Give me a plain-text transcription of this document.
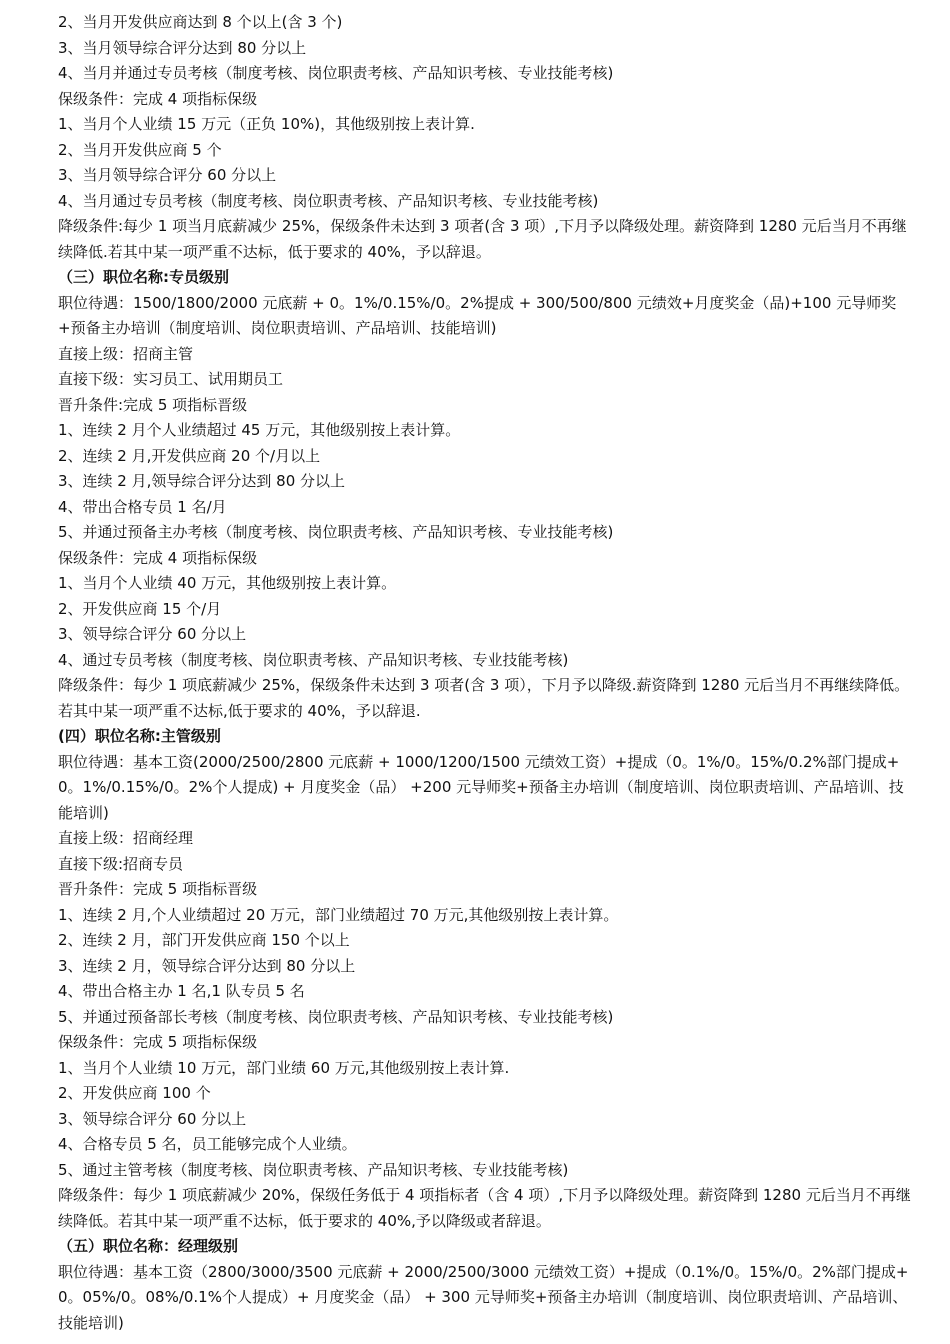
2、当月开发供应商达到 8 个以上(含 3 个)

3、当月领导综合评分达到 80 分以上

4、当月并通过专员考核（制度考核、岗位职责考核、产品知识考核、专业技能考核)

保级条件：完成 4 项指标保级

1、当月个人业绩 15 万元（正负 10%)，其他级别按上表计算.

2、当月开发供应商 5 个

3、当月领导综合评分 60 分以上

4、当月通过专员考核（制度考核、岗位职责考核、产品知识考核、专业技能考核)

降级条件:每少 1 项当月底薪减少 25%，保级条件未达到 3 项者(含 3 项）,下月予以降级处理。薪资降到 1280 元后当月不再继续降低.若其中某一项严重不达标，低于要求的 40%，予以辞退。

（三）职位名称:专员级别

职位待遇：1500/1800/2000 元底薪 + 0。1%/0.15%/0。2%提成 + 300/500/800 元绩效+月度奖金（品)+100 元导师奖+预备主办培训（制度培训、岗位职责培训、产品培训、技能培训)

直接上级：招商主管

直接下级：实习员工、试用期员工

晋升条件:完成 5 项指标晋级

1、连续 2 月个人业绩超过 45 万元，其他级别按上表计算。

2、连续 2 月,开发供应商 20 个/月以上

3、连续 2 月,领导综合评分达到 80 分以上

4、带出合格专员 1 名/月

5、并通过预备主办考核（制度考核、岗位职责考核、产品知识考核、专业技能考核)

保级条件：完成 4 项指标保级

1、当月个人业绩 40 万元，其他级别按上表计算。

2、开发供应商 15 个/月

3、领导综合评分 60 分以上

4、通过专员考核（制度考核、岗位职责考核、产品知识考核、专业技能考核)

降级条件：每少 1 项底薪减少 25%，保级条件未达到 3 项者(含 3 项），下月予以降级.薪资降到 1280 元后当月不再继续降低。若其中某一项严重不达标,低于要求的 40%，予以辞退.

(四）职位名称:主管级别

职位待遇：基本工资(2000/2500/2800 元底薪 + 1000/1200/1500 元绩效工资）+提成（0。1%/0。15%/0.2%部门提成+0。1%/0.15%/0。2%个人提成) + 月度奖金（品） +200 元导师奖+预备主办培训（制度培训、岗位职责培训、产品培训、技能培训)

直接上级：招商经理

直接下级:招商专员

晋升条件：完成 5 项指标晋级

1、连续 2 月,个人业绩超过 20 万元，部门业绩超过 70 万元,其他级别按上表计算。

2、连续 2 月，部门开发供应商 150 个以上

3、连续 2 月，领导综合评分达到 80 分以上

4、带出合格主办 1 名,1 队专员 5 名

5、并通过预备部长考核（制度考核、岗位职责考核、产品知识考核、专业技能考核)

保级条件：完成 5 项指标保级

1、当月个人业绩 10 万元，部门业绩 60 万元,其他级别按上表计算.

2、开发供应商 100 个

3、领导综合评分 60 分以上

4、合格专员 5 名，员工能够完成个人业绩。

5、通过主管考核（制度考核、岗位职责考核、产品知识考核、专业技能考核)

降级条件：每少 1 项底薪减少 20%，保级任务低于 4 项指标者（含 4 项）,下月予以降级处理。薪资降到 1280 元后当月不再继续降低。若其中某一项严重不达标，低于要求的 40%,予以降级或者辞退。

（五）职位名称：经理级别

职位待遇：基本工资（2800/3000/3500 元底薪 + 2000/2500/3000 元绩效工资）+提成（0.1%/0。15%/0。2%部门提成+0。05%/0。08%/0.1%个人提成）+ 月度奖金（品） + 300 元导师奖+预备主办培训（制度培训、岗位职责培训、产品培训、技能培训)
